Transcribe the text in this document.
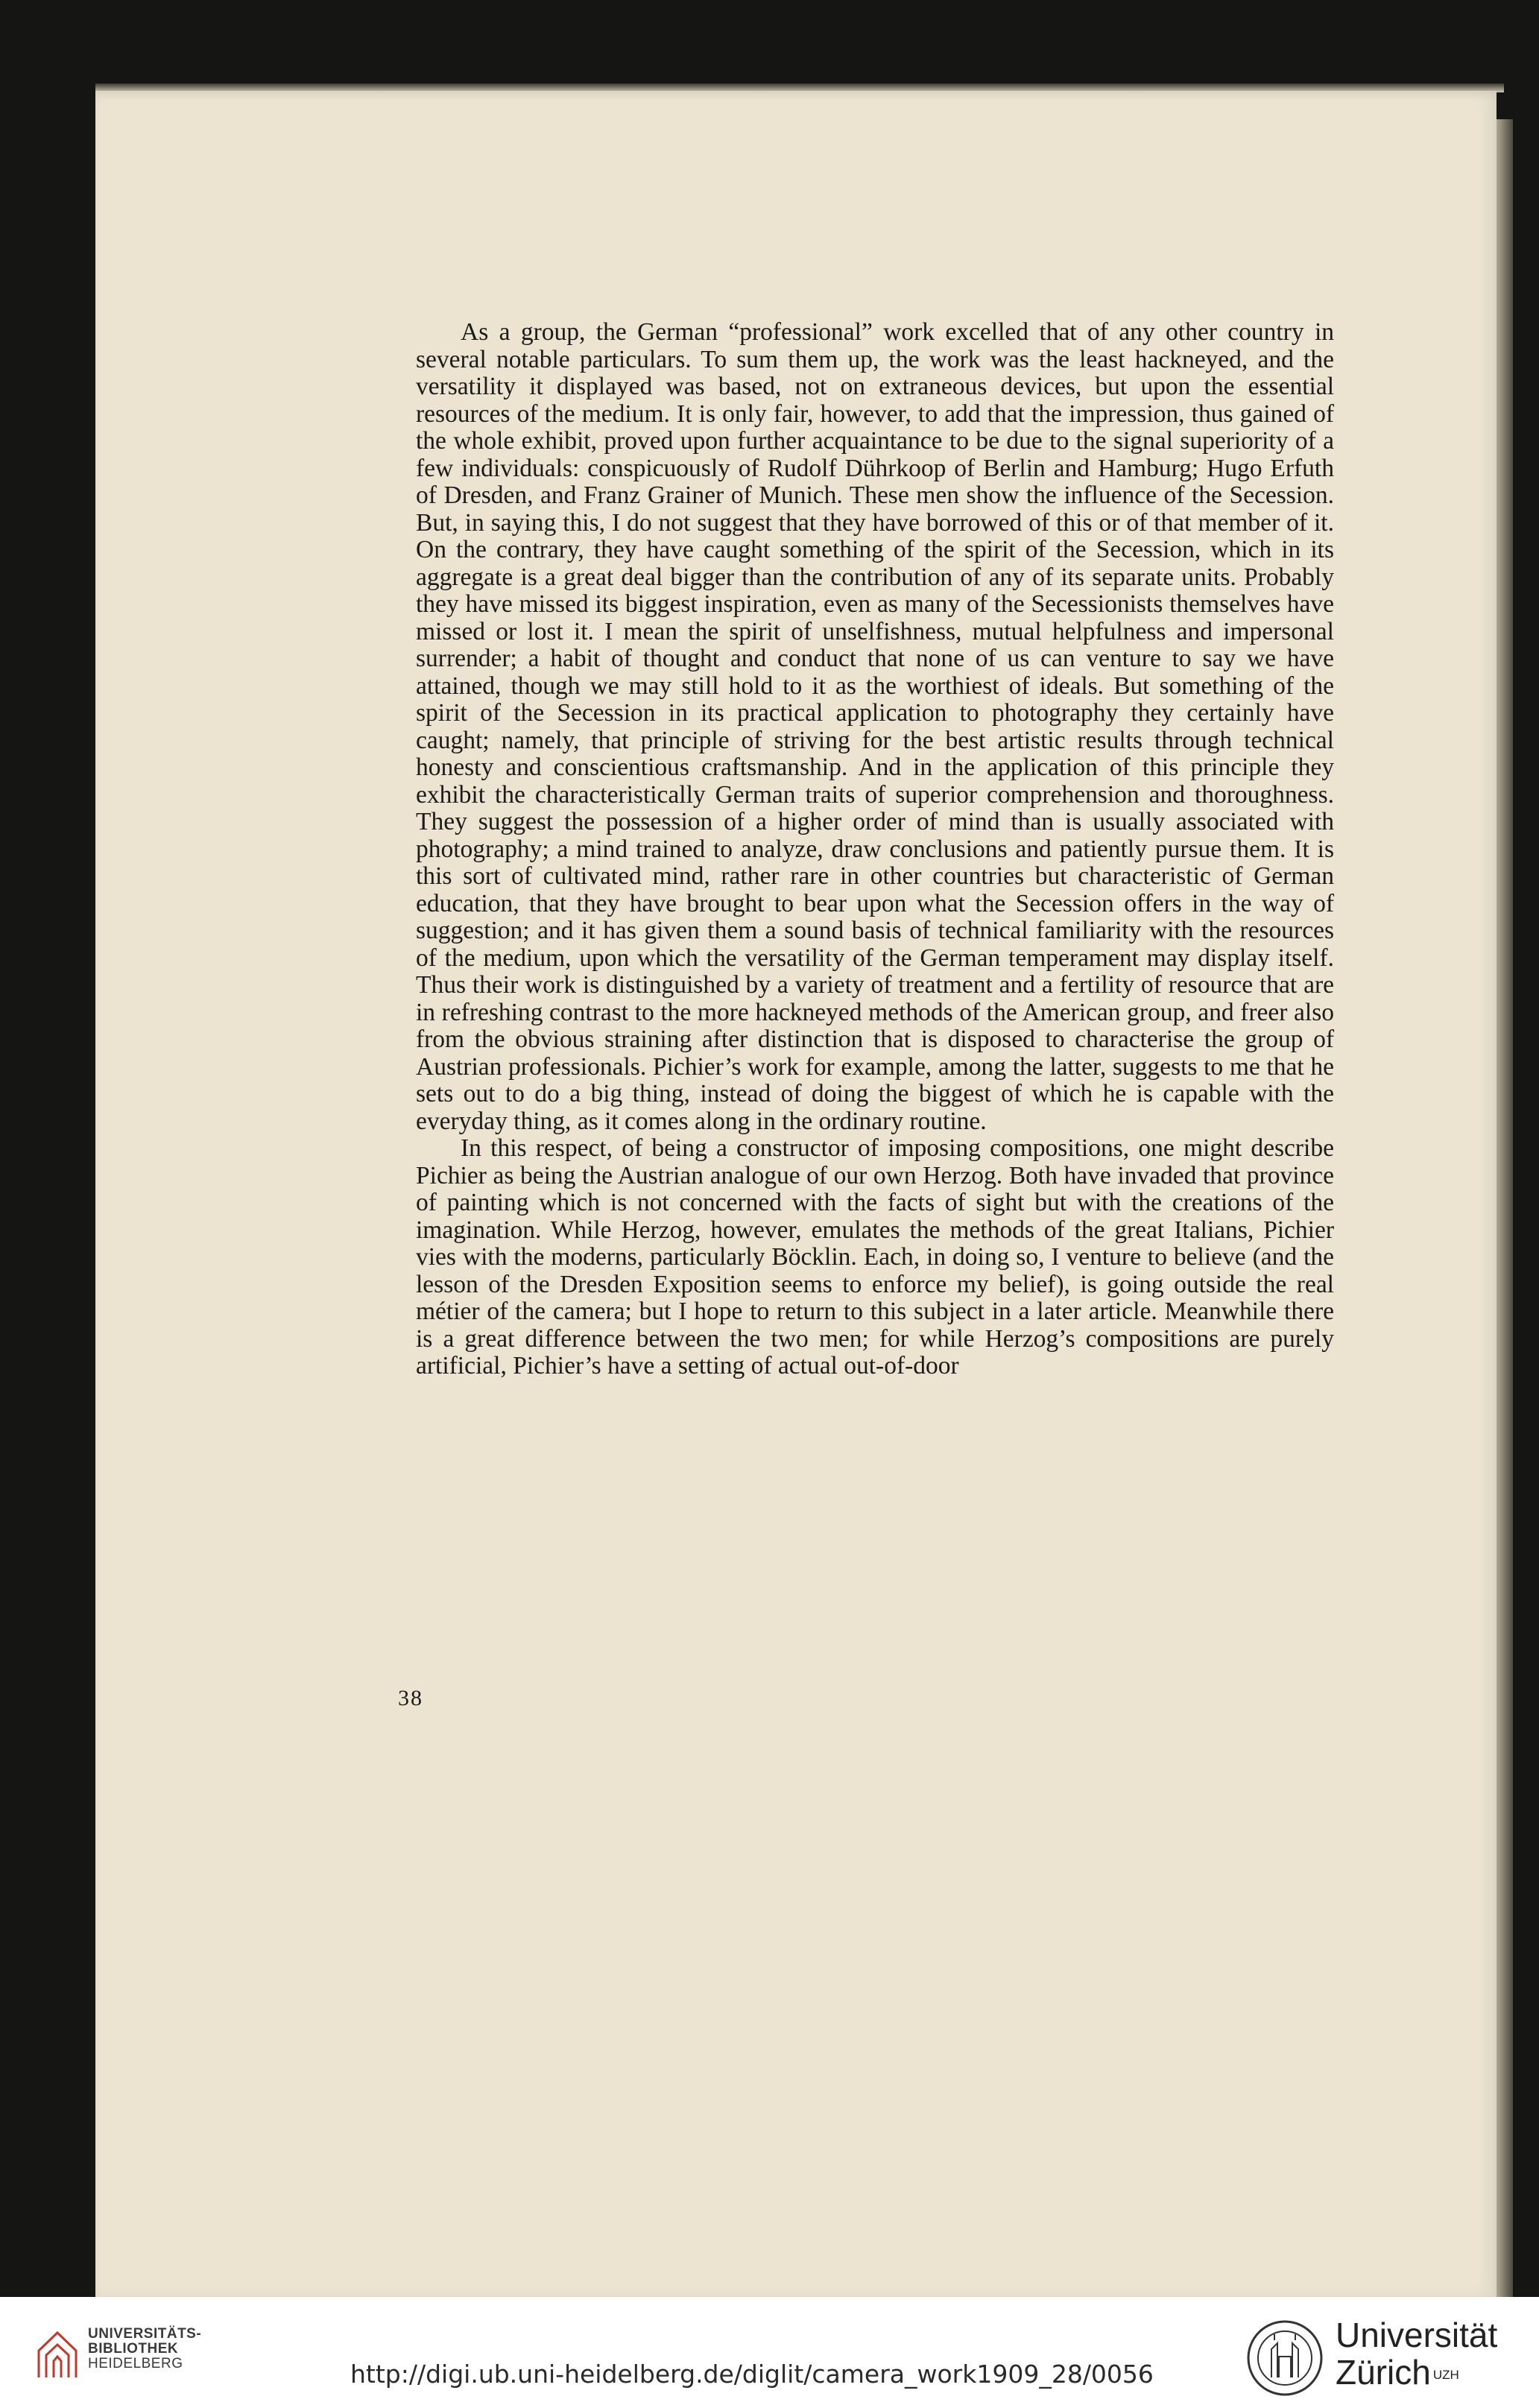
As a group, the German “professional” work excelled that of any other country in several notable particulars. To sum them up, the work was the least hackneyed, and the versatility it displayed was based, not on extraneous devices, but upon the essential resources of the medium. It is only fair, however, to add that the impression, thus gained of the whole exhibit, proved upon further acquaintance to be due to the signal superiority of a few individuals: conspicuously of Rudolf Dührkoop of Berlin and Hamburg; Hugo Erfuth of Dresden, and Franz Grainer of Munich. These men show the influence of the Secession. But, in saying this, I do not suggest that they have borrowed of this or of that member of it. On the contrary, they have caught something of the spirit of the Secession, which in its aggregate is a great deal bigger than the contribution of any of its separate units. Probably they have missed its biggest inspiration, even as many of the Secessionists themselves have missed or lost it. I mean the spirit of unselfishness, mutual helpfulness and impersonal surrender; a habit of thought and conduct that none of us can venture to say we have attained, though we may still hold to it as the worthiest of ideals. But something of the spirit of the Secession in its practical application to photography they certainly have caught; namely, that principle of striving for the best artistic results through technical honesty and conscientious craftsmanship. And in the application of this principle they exhibit the characteristically German traits of superior comprehension and thoroughness. They suggest the possession of a higher order of mind than is usually associated with photography; a mind trained to analyze, draw conclusions and patiently pursue them. It is this sort of cultivated mind, rather rare in other countries but characteristic of German education, that they have brought to bear upon what the Secession offers in the way of suggestion; and it has given them a sound basis of technical familiarity with the resources of the medium, upon which the versatility of the German temperament may display itself. Thus their work is distinguished by a variety of treatment and a fertility of resource that are in refreshing contrast to the more hackneyed methods of the American group, and freer also from the obvious straining after distinction that is disposed to characterise the group of Austrian professionals. Pichier’s work for example, among the latter, suggests to me that he sets out to do a big thing, instead of doing the biggest of which he is capable with the everyday thing, as it comes along in the ordinary routine.

In this respect, of being a constructor of imposing compositions, one might describe Pichier as being the Austrian analogue of our own Herzog. Both have invaded that province of painting which is not concerned with the facts of sight but with the creations of the imagination. While Herzog, however, emulates the methods of the great Italians, Pichier vies with the moderns, particularly Böcklin. Each, in doing so, I venture to believe (and the lesson of the Dresden Exposition seems to enforce my belief), is going outside the real métier of the camera; but I hope to return to this subject in a later article. Meanwhile there is a great difference between the two men; for while Herzog’s compositions are purely artificial, Pichier’s have a setting of actual out-of-door

38
UNIVERSITÄTS-
BIBLIOTHEK
HEIDELBERG	http://digi.ub.uni-heidelberg.de/diglit/camera_work1909_28/0056
Universität
Zürich $^{UZH}$
